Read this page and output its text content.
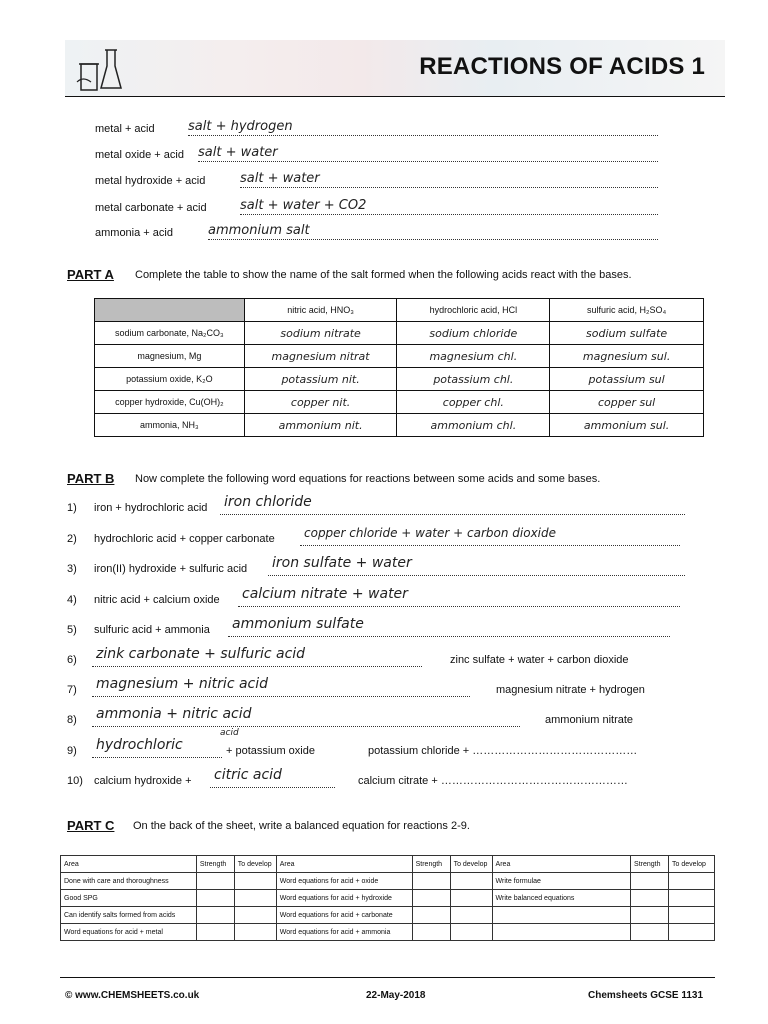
REACTIONS OF ACIDS 1
metal + acid	$^{salt + hydrogen}$
metal oxide + acid $^{salt + water}$
metal hydroxide + acid	$^{salt + water}$
metal carbonate + acid	$^{salt + water + CO2}$
ammonia + acid	$^{ammonium salt}$
PART A Complete the table to show the name of the salt formed when the following acids react with the bases.
	nitric acid, HNO₃	hydrochloric acid, HCl	sulfuric acid, H₂SO₄
sodium carbonate, Na₂CO₃	sodium nitrate	sodium chloride	sodium sulfate
magnesium, Mg	magnesium nitrat	magnesium chl.	magnesium sul.
potassium oxide, K₂O	potassium nit.	potassium chl.	potassium sul
copper hydroxide, Cu(OH)₂	copper nit.	copper chl.	copper sul
ammonia, NH₃	ammonium nit.	ammonium chl.	ammonium sul.
PART B Now complete the following word equations for reactions between some acids and some bases.
1) iron + hydrochloric acid iron chloride
2) hydrochloric acid + copper carbonate	$^{copper chloride + water + carbon dioxide}$
3) iron(II) hydroxide + sulfuric acid iron sulfate + water
4) nitric acid + calcium oxide calcium nitrate + water
5) sulfuric acid + ammonia ammonium sulfate
6) zink carbonate + sulfuric acid	zinc sulfate + water + carbon dioxide
7) magnesium + nitric acid	magnesium nitrate + hydrogen
8) ammonia + nitric acid	ammonium nitrate
9) hydrochloric
acid
+ potassium oxide	potassium chloride + ………………………………………
10) calcium hydroxide + citric acid	calcium citrate + ……………………………………………
PART C On the back of the sheet, write a balanced equation for reactions 2-9.
Area	Strength	To develop	Area	Strength	To develop	Area	Strength	To develop
Done with care and thoroughness			Word equations for acid + oxide			Write formulae		
Good SPG			Word equations for acid + hydroxide			Write balanced equations		
Can identify salts formed from acids			Word equations for acid + carbonate					
Word equations for acid + metal			Word equations for acid + ammonia					
© www.CHEMSHEETS.co.uk	22-May-2018	Chemsheets GCSE 1131
